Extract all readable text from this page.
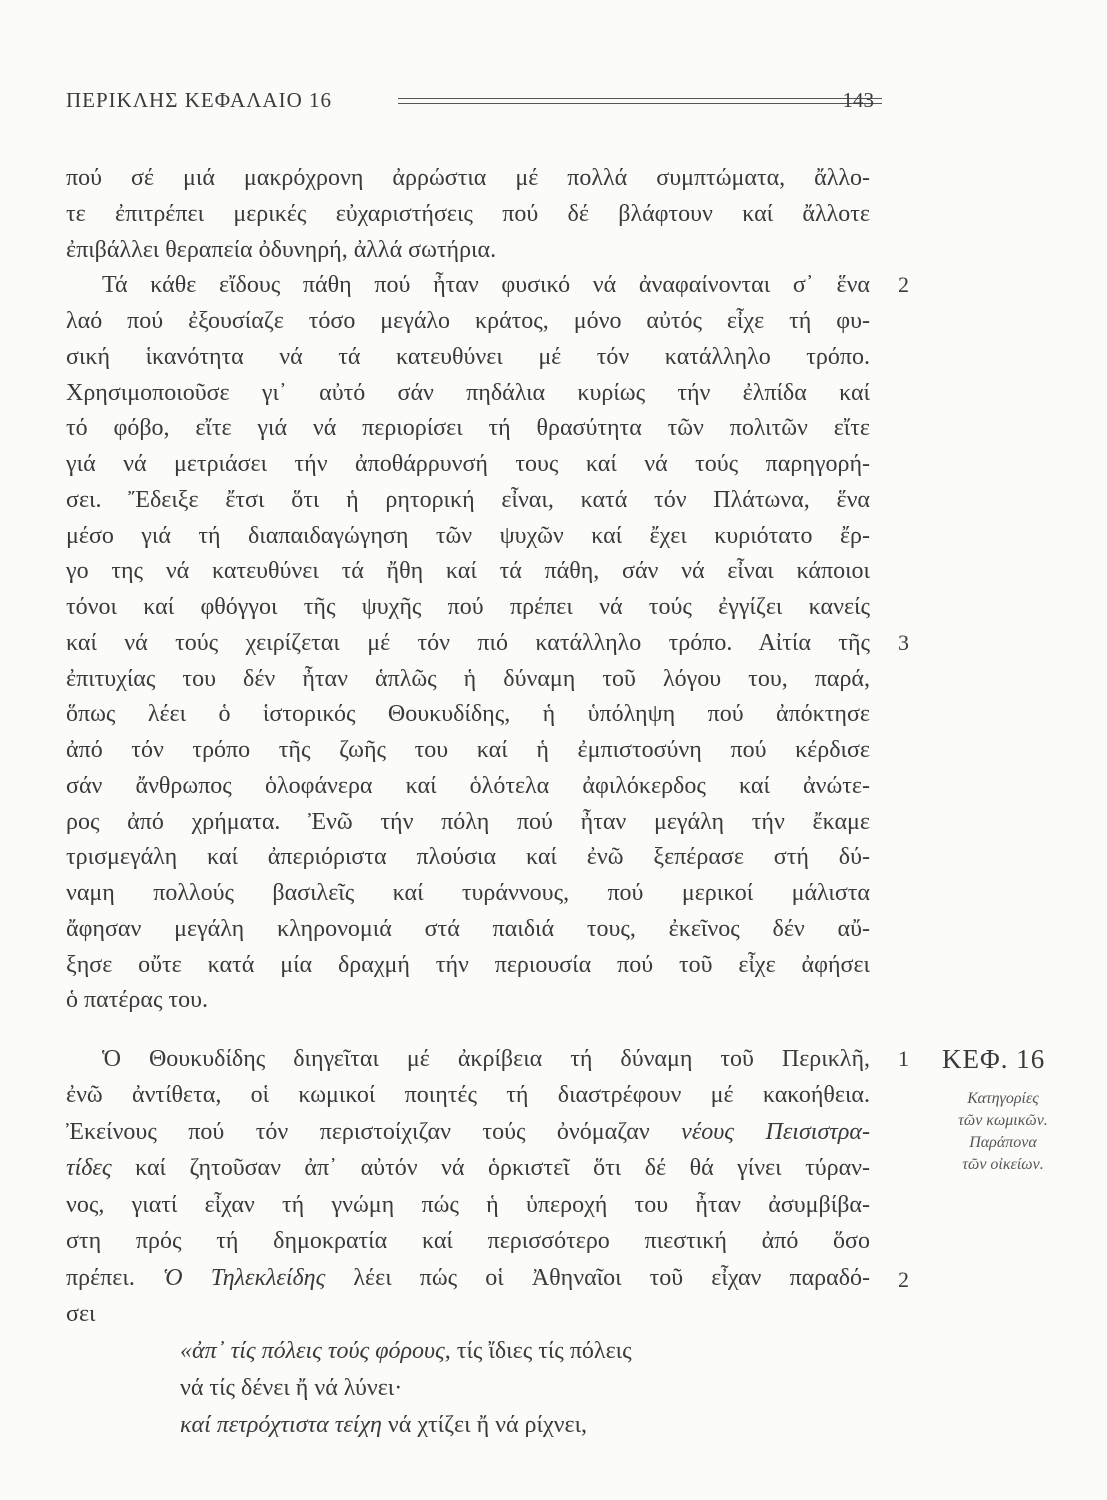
ΠΕΡΙΚΛΗΣ ΚΕΦΑΛΑΙΟ 16	143
πού σέ μιά μακρόχρονη ἀρρώστια μέ πολλά συμπτώματα, ἄλλο-
τε ἐπιτρέπει μερικές εὐχαριστήσεις πού δέ βλάφτουν καί ἄλλοτε
ἐπιβάλλει θεραπεία ὀδυνηρή, ἀλλά σωτήρια.
Τά κάθε εἴδους πάθη πού ἦταν φυσικό νά ἀναφαίνονται σ᾽ ἕνα
λαό πού ἐξουσίαζε τόσο μεγάλο κράτος, μόνο αὐτός εἶχε τή φυ-
σική ἱκανότητα νά τά κατευθύνει μέ τόν κατάλληλο τρόπο.
Χρησιμοποιοῦσε γι᾽ αὐτό σάν πηδάλια κυρίως τήν ἐλπίδα καί
τό φόβο, εἴτε γιά νά περιορίσει τή θρασύτητα τῶν πολιτῶν εἴτε
γιά νά μετριάσει τήν ἀποθάρρυνσή τους καί νά τούς παρηγορή-
σει. Ἔδειξε ἔτσι ὅτι ἡ ρητορική εἶναι, κατά τόν Πλάτωνα, ἕνα
μέσο γιά τή διαπαιδαγώγηση τῶν ψυχῶν καί ἔχει κυριότατο ἔρ-
γο της νά κατευθύνει τά ἤθη καί τά πάθη, σάν νά εἶναι κάποιοι
τόνοι καί φθόγγοι τῆς ψυχῆς πού πρέπει νά τούς ἐγγίζει κανείς
καί νά τούς χειρίζεται μέ τόν πιό κατάλληλο τρόπο. Αἰτία τῆς
ἐπιτυχίας του δέν ἦταν ἁπλῶς ἡ δύναμη τοῦ λόγου του, παρά,
ὅπως λέει ὁ ἱστορικός Θουκυδίδης, ἡ ὑπόληψη πού ἀπόκτησε
ἀπό τόν τρόπο τῆς ζωῆς του καί ἡ ἐμπιστοσύνη πού κέρδισε
σάν ἄνθρωπος ὁλοφάνερα καί ὁλότελα ἀφιλόκερδος καί ἀνώτε-
ρος ἀπό χρήματα. Ἐνῶ τήν πόλη πού ἦταν μεγάλη τήν ἔκαμε
τρισμεγάλη καί ἀπεριόριστα πλούσια καί ἐνῶ ξεπέρασε στή δύ-
ναμη πολλούς βασιλεῖς καί τυράννους, πού μερικοί μάλιστα
ἄφησαν μεγάλη κληρονομιά στά παιδιά τους, ἐκεῖνος δέν αὔ-
ξησε οὔτε κατά μία δραχμή τήν περιουσία πού τοῦ εἶχε ἀφήσει
ὁ πατέρας του.
2
3
1
2
Ὁ Θουκυδίδης διηγεῖται μέ ἀκρίβεια τή δύναμη τοῦ Περικλῆ,
ἐνῶ ἀντίθετα, οἱ κωμικοί ποιητές τή διαστρέφουν μέ κακοήθεια.
Ἐκείνους πού τόν περιστοίχιζαν τούς ὀνόμαζαν νέους Πεισιστρα-
τίδες καί ζητοῦσαν ἀπ᾽ αὐτόν νά ὁρκιστεῖ ὅτι δέ θά γίνει τύραν-
νος, γιατί εἶχαν τή γνώμη πώς ἡ ὑπεροχή του ἦταν ἀσυμβίβα-
στη πρός τή δημοκρατία καί περισσότερο πιεστική ἀπό ὅσο
πρέπει. Ὁ Τηλεκλείδης λέει πώς οἱ Ἀθηναῖοι τοῦ εἶχαν παραδό-
σει
ΚΕΦ. 16
Κατηγορίες
τῶν κωμικῶν.
Παράπονα
τῶν οἰκείων.
«ἀπ᾽ τίς πόλεις τούς φόρους, τίς ἴδιες τίς πόλεις
νά τίς δένει ἤ νά λύνει·
καί πετρόχτιστα τείχη νά χτίζει ἤ νά ρίχνει,
